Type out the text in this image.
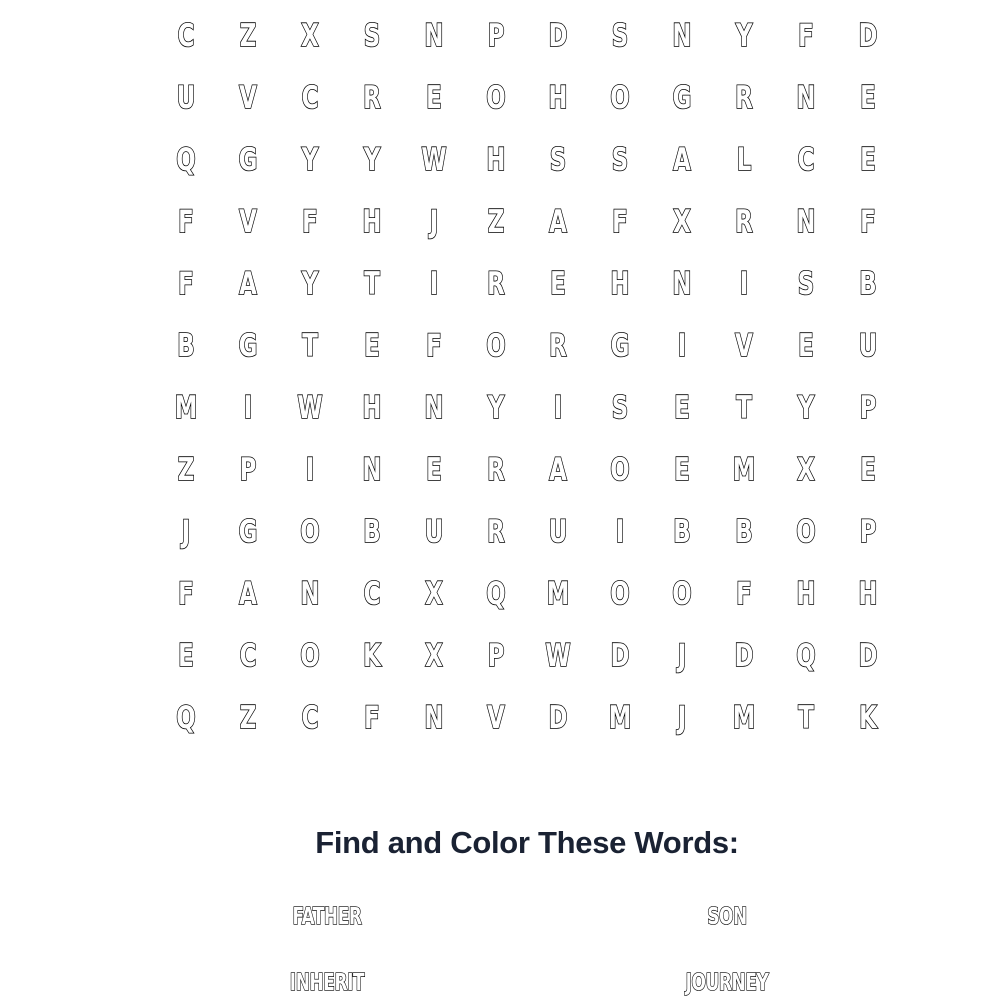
C	Z	X	S	N	P	D	S	N	Y	F	D
U	V	C	R	E	O	H	O	G	R	N	E
Q	G	Y	Y	W	H	S	S	A	L	C	E
F	V	F	H	J	Z	A	F	X	R	N	F
F	A	Y	T	I	R	E	H	N	I	S	B
B	G	T	E	F	O	R	G	I	V	E	U
M	I	W	H	N	Y	I	S	E	T	Y	P
Z	P	I	N	E	R	A	O	E	M	X	E
J	G	O	B	U	R	U	I	B	B	O	P
F	A	N	C	X	Q	M	O	O	F	H	H
E	C	O	K	X	P	W	D	J	D	Q	D
Q	Z	C	F	N	V	D	M	J	M	T	K
Find and Color These Words:
FATHER	SON
INHERIT	JOURNEY
